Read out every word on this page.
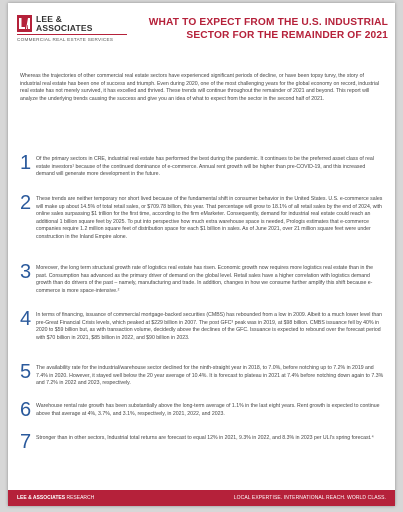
LEE & ASSOCIATES
COMMERCIAL REAL ESTATE SERVICES
WHAT TO EXPECT FROM THE U.S. INDUSTRIAL SECTOR FOR THE REMAINDER OF 2021
Whereas the trajectories of other commercial real estate sectors have experienced significant periods of decline, or have been topsy turvy, the story of industrial real estate has been one of success and triumph. Even during 2020, one of the most challenging years for the global economy on record, industrial real estate has not merely survived, it has excelled and thrived. These trends will continue throughout the remainder of 2021 and beyond. This report will analyze the underlying trends causing the success and give you an idea of what to expect from the sector in the second half of 2021.
1 Of the primary sectors in CRE, industrial real estate has performed the best during the pandemic. It continues to be the preferred asset class of real estate investors¹ because of the continued dominance of e-commerce. Annual rent growth will be higher than pre-COVID-19, and this increased demand will generate more development in the future.
2 These trends are neither temporary nor short lived because of the fundamental shift in consumer behavior in the United States. U.S. e-commerce sales will make up about 14.5% of total retail sales, or $709.78 billion, this year. That percentage will grow to 18.1% of all retail sales by the end of 2024, with online sales surpassing $1 trillion for the first time, according to the firm eMarketer. Consequently, demand for industrial real estate could reach an additional 1 billion square feet by 2025. To put into perspective how much extra warehouse space is needed, Prologis estimates that e-commerce companies require 1.2 million square feet of distribution space for each $1 billion in sales. As of June 2021, over 21 million square feet were under construction in the Inland Empire alone.
3 Moreover, the long term structural growth rate of logistics real estate has risen. Economic growth now requires more logistics real estate than in the past. Consumption has advanced as the primary driver of demand on the global level. Retail sales have a higher correlation with logistics demand growth than do drivers of the past – namely, manufacturing and trade. In addition, changes in how we consume further amplify this shift because e-commerce is more space-intensive.²
4 In terms of financing, issuance of commercial mortgage-backed securities (CMBS) has rebounded from a low in 2009. Albeit to a much lower level than pre-Great Financial Crisis levels, which peaked at $229 billion in 2007. The post GFC³ peak was in 2019, at $98 billion. CMBS issuance fell by 40% in 2020 to $59 billion but, as with transaction volume, decidedly above the declines of the GFC. Issuance is expected to rebound over the forecast period with $70 billion in 2021, $85 billion in 2022, and $90 billion in 2023.
5 The availability rate for the industrial/warehouse sector declined for the ninth-straight year in 2018, to 7.0%, before notching up to 7.2% in 2019 and 7.4% in 2020. However, it stayed well below the 20 year average of 10.4%. It is forecast to plateau in 2021 at 7.4% before notching down again to 7.3% and 7.2% in 2022 and 2023, respectively.
6 Warehouse rental rate growth has been substantially above the long-term average of 1.1% in the last eight years. Rent growth is expected to continue above that average at 4%, 3.7%, and 3.1%, respectively, in 2021, 2022, and 2023.
7 Stronger than in other sectors, Industrial total returns are forecast to equal 12% in 2021, 9.3% in 2022, and 8.3% in 2023 per ULI's spring forecast.⁴
LEE & ASSOCIATES RESEARCH	LOCAL EXPERTISE. INTERNATIONAL REACH. WORLD CLASS.
